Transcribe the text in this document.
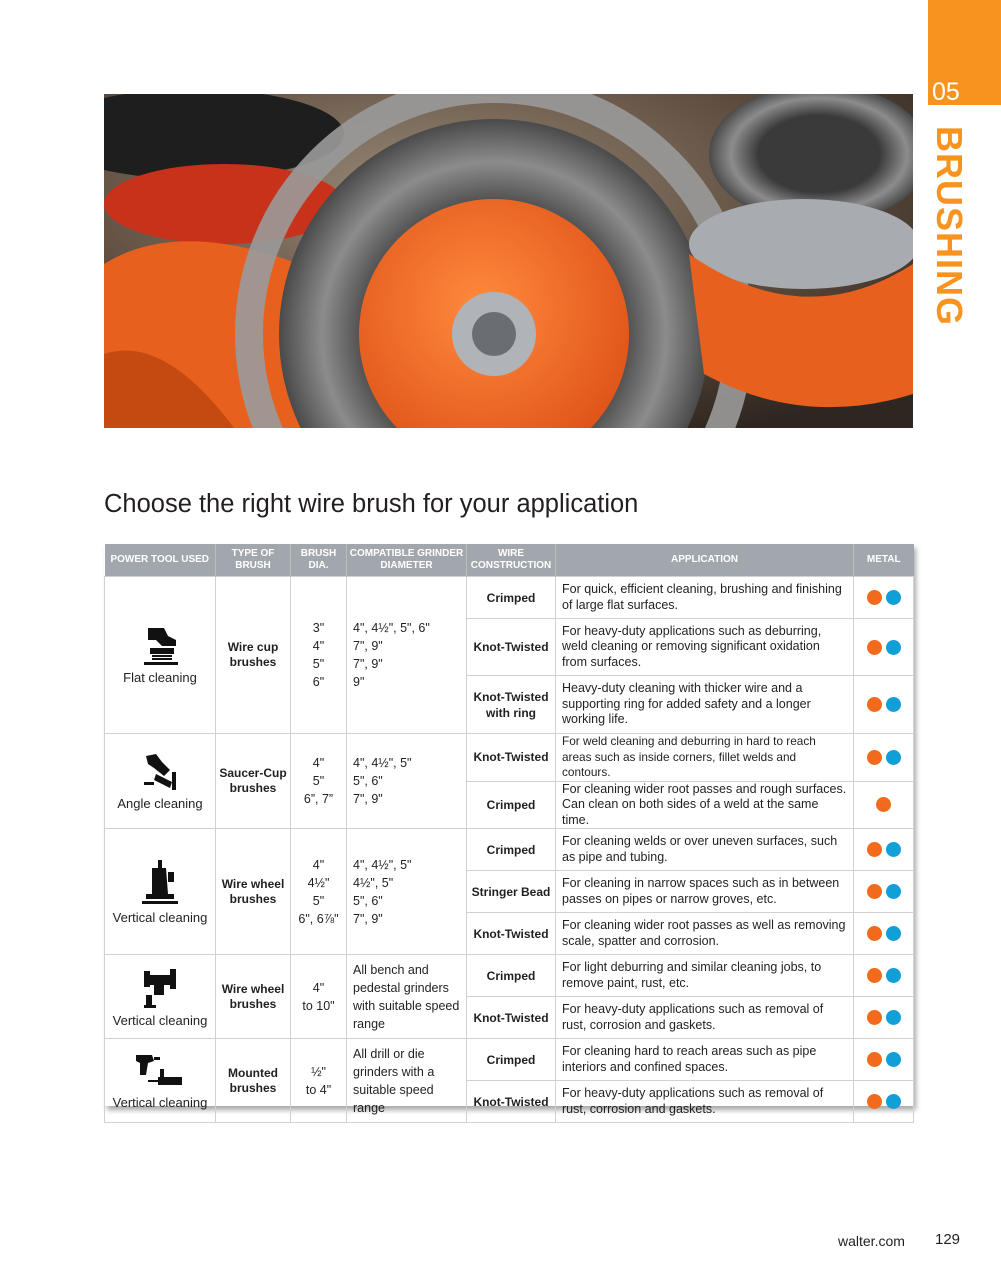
05
BRUSHING
Choose the right wire brush for your application
POWER TOOL USED	TYPE OF BRUSH	BRUSH DIA.	COMPATIBLE GRINDER DIAMETER	WIRE CONSTRUCTION	APPLICATION	METAL

Flat cleaning	Wire cup brushes	3"
4"
5"
6"	4", 4½", 5", 6"
7", 9"
7", 9"
9"	Crimped	For quick, efficient cleaning, brushing and finishing of large flat surfaces.	
				Knot-Twisted	For heavy-duty applications such as deburring, weld cleaning or removing significant oxidation from surfaces.	
				Knot-Twisted with ring	Heavy-duty cleaning with thicker wire and a supporting ring for added safety and a longer working life.	

Angle cleaning	Saucer-Cup brushes	4"
5"
6”, 7”	4", 4½", 5"
5", 6"
7", 9"	Knot-Twisted	For weld cleaning and deburring in hard to reach areas such as inside corners, fillet welds and contours.	
				Crimped	For cleaning wider root passes and rough surfaces. Can clean on both sides of a weld at the same time.	

Vertical cleaning	Wire wheel brushes	4"
4½"
5"
6", 6⅞"	4", 4½", 5"
4½", 5"
5", 6"
7", 9"	Crimped	For cleaning welds or over uneven surfaces, such as pipe and tubing.	
				Stringer Bead	For cleaning in narrow spaces such as in between passes on pipes or narrow groves, etc.	
				Knot-Twisted	For cleaning wider root passes as well as removing scale, spatter and corrosion.	

Vertical cleaning	Wire wheel brushes	4"
to 10"	All bench and pedestal grinders with suitable speed range	Crimped	For light deburring and similar cleaning jobs, to remove paint, rust, etc.	
				Knot-Twisted	For heavy-duty applications such as removal of rust, corrosion and gaskets.	

Vertical cleaning	Mounted brushes	½"
to 4"	All drill or die grinders with a suitable speed range	Crimped	For cleaning hard to reach areas such as pipe interiors and confined spaces.	
				Knot-Twisted	For heavy-duty applications such as removal of rust, corrosion and gaskets.	
walter.com 129
